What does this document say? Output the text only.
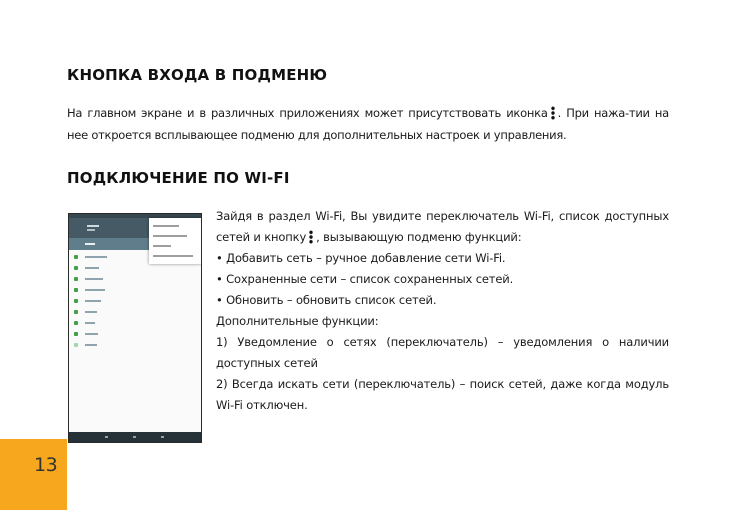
КНОПКА ВХОДА В ПОДМЕНЮ

На главном экране и в различных приложениях может присутствовать иконка . При нажа-тии на нее откроется всплывающее подменю для дополнительных настроек и управления.

ПОДКЛЮЧЕНИЕ ПО WI-FI
Зайдя в раздел Wi-Fi, Вы увидите переключатель Wi-Fi, список доступных сетей и кнопку , вызывающую подменю функций:
• Добавить сеть – ручное добавление сети Wi-Fi.
• Сохраненные сети – список сохраненных сетей.
• Обновить – обновить список сетей.
Дополнительные функции:
1) Уведомление о сетях (переключатель) – уведомления о наличии доступных сетей
2) Всегда искать сети (переключатель) – поиск сетей, даже когда модуль Wi-Fi отключен.

13
